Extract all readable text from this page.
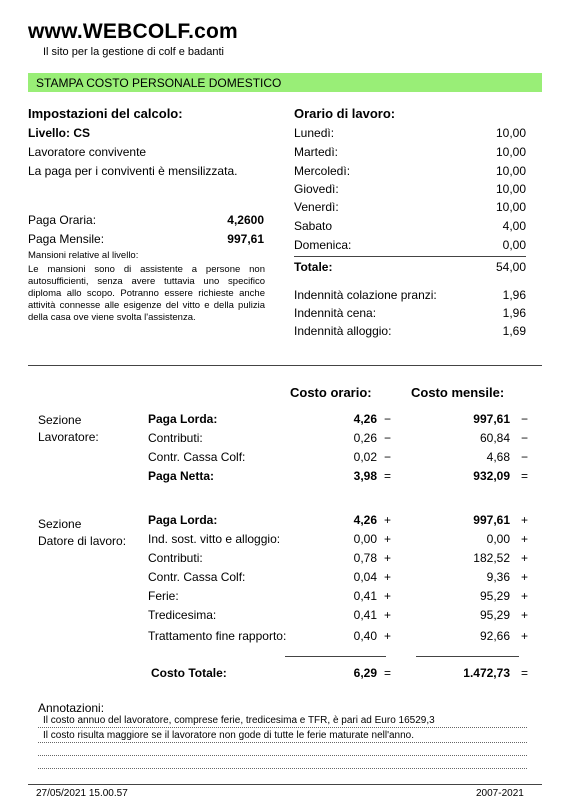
www.WEBCOLF.com
Il sito per la gestione di colf e badanti
STAMPA COSTO PERSONALE DOMESTICO
Impostazioni del calcolo:
Livello: CS
Lavoratore convivente
La paga per i conviventi è mensilizzata.
Paga Oraria:	4,2600
Paga Mensile:	997,61
Mansioni relative al livello:
Le mansioni sono di assistente a persone non autosufficienti, senza avere tuttavia uno specifico diploma allo scopo. Potranno essere richieste anche attività connesse alle esigenze del vitto e della pulizia della casa ove viene svolta l'assistenza.
Orario di lavoro:
Lunedì:	10,00
Martedì:	10,00
Mercoledì:	10,00
Giovedì:	10,00
Venerdì:	10,00
Sabato	4,00
Domenica:	0,00
Totale:	54,00
Indennità colazione pranzi:	1,96
Indennità cena:	1,96
Indennità alloggio:	1,69
Costo orario:	Costo mensile:
Sezione
Lavoratore:
Paga Lorda:	4,26 −	997,61 −
Contributi:	0,26 −	60,84 −
Contr. Cassa Colf:	0,02 −	4,68 −
Paga Netta:	3,98 =	932,09 =
Sezione
Datore di lavoro:
Paga Lorda:	4,26 +	997,61 +
Ind. sost. vitto e alloggio:	0,00 +	0,00 +
Contributi:	0,78 +	182,52 +
Contr. Cassa Colf:	0,04 +	9,36 +
Ferie:	0,41 +	95,29 +
Tredicesima:	0,41 +	95,29 +
Trattamento fine rapporto:	0,40 +	92,66 +
Costo Totale:	6,29 =	1.472,73 =
Annotazioni:
Il costo annuo del lavoratore, comprese ferie, tredicesima e TFR, è pari ad Euro 16529,3
Il costo risulta maggiore se il lavoratore non gode di tutte le ferie maturate nell'anno.
27/05/2021 15.00.57	2007-2021
